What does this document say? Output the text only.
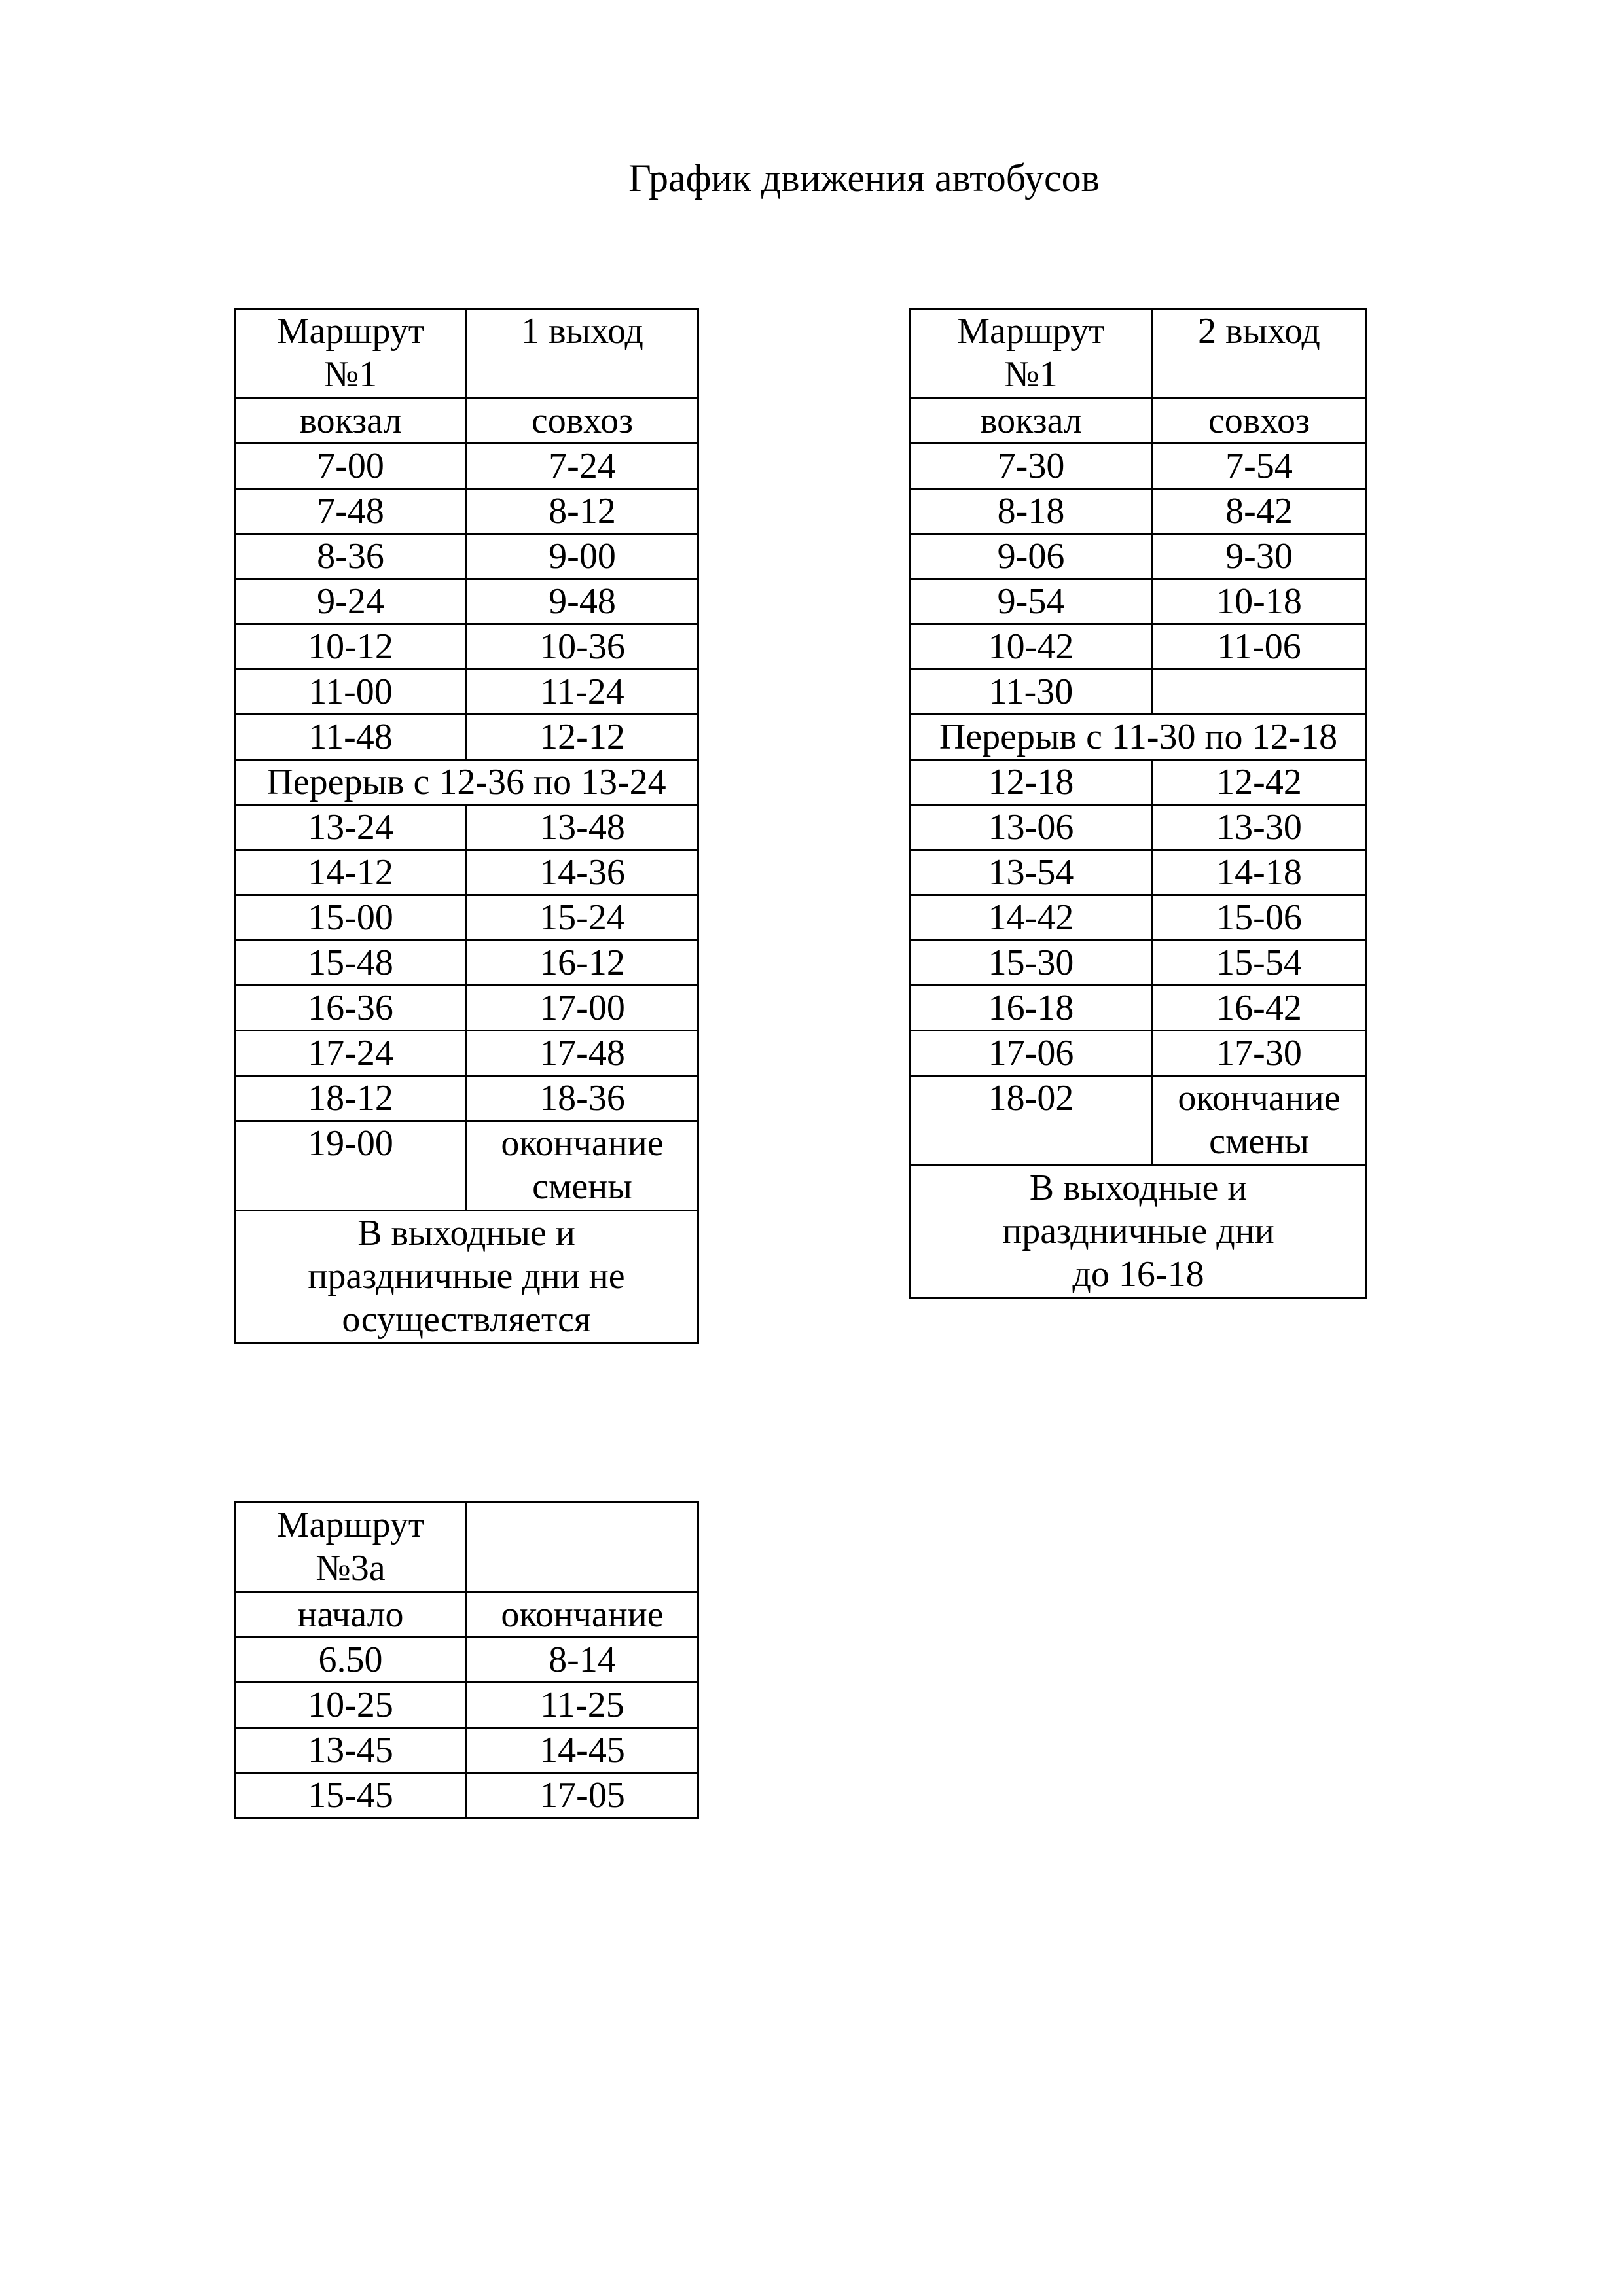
График движения автобусов
Маршрут
№1	1 выход
вокзал	совхоз
7-00	7-24
7-48	8-12
8-36	9-00
9-24	9-48
10-12	10-36
11-00	11-24
11-48	12-12
Перерыв с 12-36 по 13-24	
13-24	13-48
14-12	14-36
15-00	15-24
15-48	16-12
16-36	17-00
17-24	17-48
18-12	18-36
19-00	окончание
смены

В выходные и
праздничные дни не
осуществляется	
Маршрут
№1	2 выход
вокзал	совхоз
7-30	7-54
8-18	8-42
9-06	9-30
9-54	10-18
10-42	11-06
11-30	
Перерыв с 11-30 по 12-18	
12-18	12-42
13-06	13-30
13-54	14-18
14-42	15-06
15-30	15-54
16-18	16-42
17-06	17-30
18-02	окончание
смены

В выходные и
праздничные дни
до 16-18	
Маршрут
№3а	

начало	окончание
6.50	8-14
10-25	11-25
13-45	14-45
15-45	17-05
